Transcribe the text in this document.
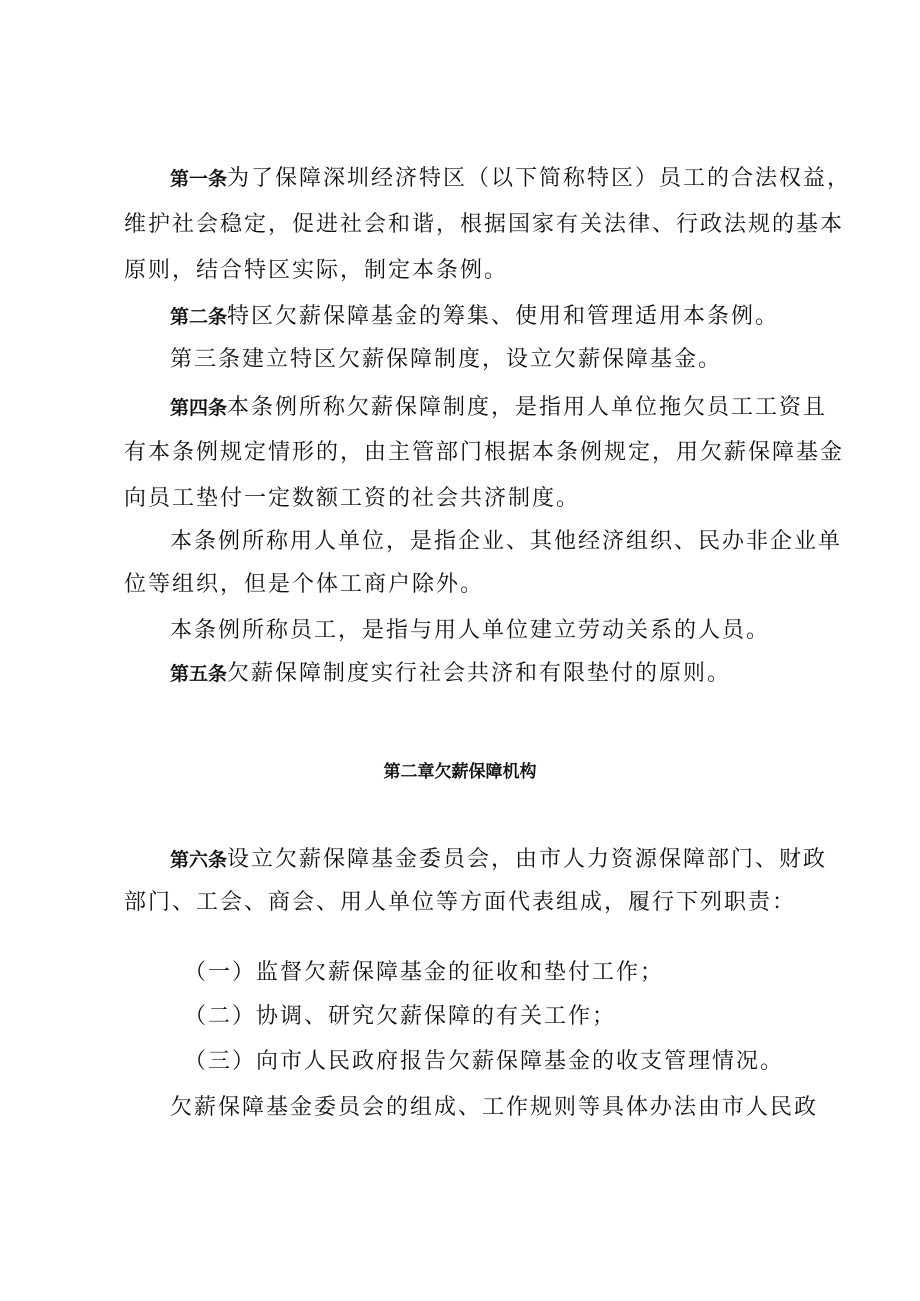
第一条为了保障深圳经济特区（以下简称特区）员工的合法权益，
维护社会稳定，促进社会和谐，根据国家有关法律、行政法规的基本
原则，结合特区实际，制定本条例。
第二条特区欠薪保障基金的筹集、使用和管理适用本条例。
第三条建立特区欠薪保障制度，设立欠薪保障基金。
第四条本条例所称欠薪保障制度，是指用人单位拖欠员工工资且
有本条例规定情形的，由主管部门根据本条例规定，用欠薪保障基金
向员工垫付一定数额工资的社会共济制度。
本条例所称用人单位，是指企业、其他经济组织、民办非企业单
位等组织，但是个体工商户除外。
本条例所称员工，是指与用人单位建立劳动关系的人员。
第五条欠薪保障制度实行社会共济和有限垫付的原则。
第二章欠薪保障机构
第六条设立欠薪保障基金委员会，由市人力资源保障部门、财政
部门、工会、商会、用人单位等方面代表组成，履行下列职责：
（一）监督欠薪保障基金的征收和垫付工作；
（二）协调、研究欠薪保障的有关工作；
（三）向市人民政府报告欠薪保障基金的收支管理情况。
欠薪保障基金委员会的组成、工作规则等具体办法由市人民政
